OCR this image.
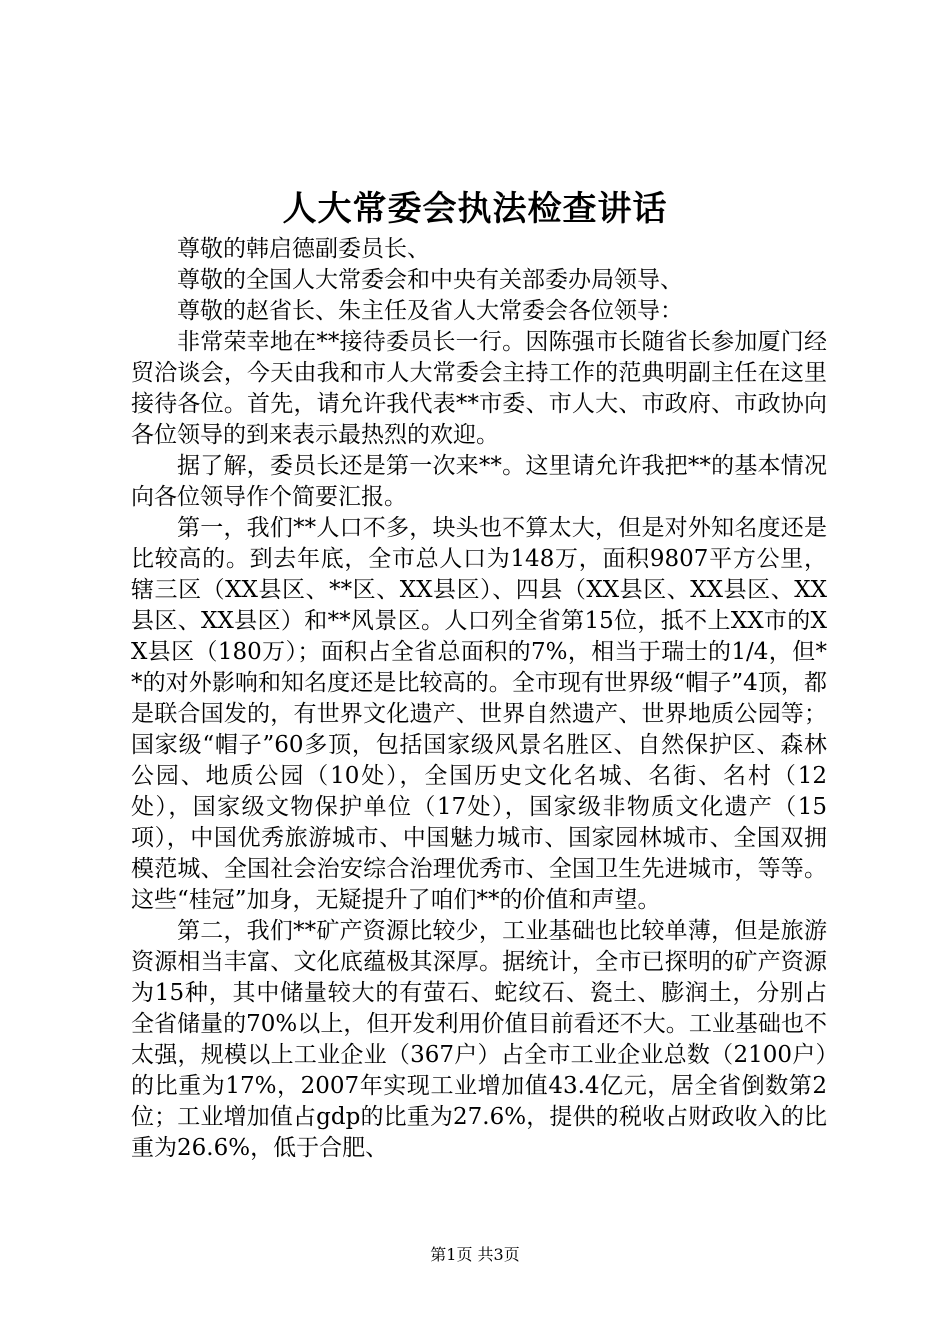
人大常委会执法检查讲话

尊敬的韩启德副委员长、

尊敬的全国人大常委会和中央有关部委办局领导、

尊敬的赵省长、朱主任及省人大常委会各位领导：

非常荣幸地在**接待委员长一行。因陈强市长随省长参加厦门经贸洽谈会，今天由我和市人大常委会主持工作的范典明副主任在这里接待各位。首先，请允许我代表**市委、市人大、市政府、市政协向各位领导的到来表示最热烈的欢迎。

据了解，委员长还是第一次来**。这里请允许我把**的基本情况向各位领导作个简要汇报。

第一，我们**人口不多，块头也不算太大，但是对外知名度还是比较高的。到去年底，全市总人口为148万，面积9807平方公里，辖三区（XX县区、**区、XX县区）、四县（XX县区、XX县区、XX县区、XX县区）和**风景区。人口列全省第15位，抵不上XX市的XX县区（180万）；面积占全省总面积的7%，相当于瑞士的1/4，但**的对外影响和知名度还是比较高的。全市现有世界级“帽子”4顶，都是联合国发的，有世界文化遗产、世界自然遗产、世界地质公园等；国家级“帽子”60多顶，包括国家级风景名胜区、自然保护区、森林公园、地质公园（10处），全国历史文化名城、名街、名村（12处），国家级文物保护单位（17处），国家级非物质文化遗产（15项），中国优秀旅游城市、中国魅力城市、国家园林城市、全国双拥模范城、全国社会治安综合治理优秀市、全国卫生先进城市，等等。这些“桂冠”加身，无疑提升了咱们**的价值和声望。

第二，我们**矿产资源比较少，工业基础也比较单薄，但是旅游资源相当丰富、文化底蕴极其深厚。据统计，全市已探明的矿产资源为15种，其中储量较大的有萤石、蛇纹石、瓷土、膨润土，分别占全省储量的70%以上，但开发利用价值目前看还不大。工业基础也不太强，规模以上工业企业（367户）占全市工业企业总数（2100户）的比重为17%，2007年实现工业增加值43.4亿元，居全省倒数第2位；工业增加值占gdp的比重为27.6%，提供的税收占财政收入的比重为26.6%，低于合肥、

第1页 共3页
